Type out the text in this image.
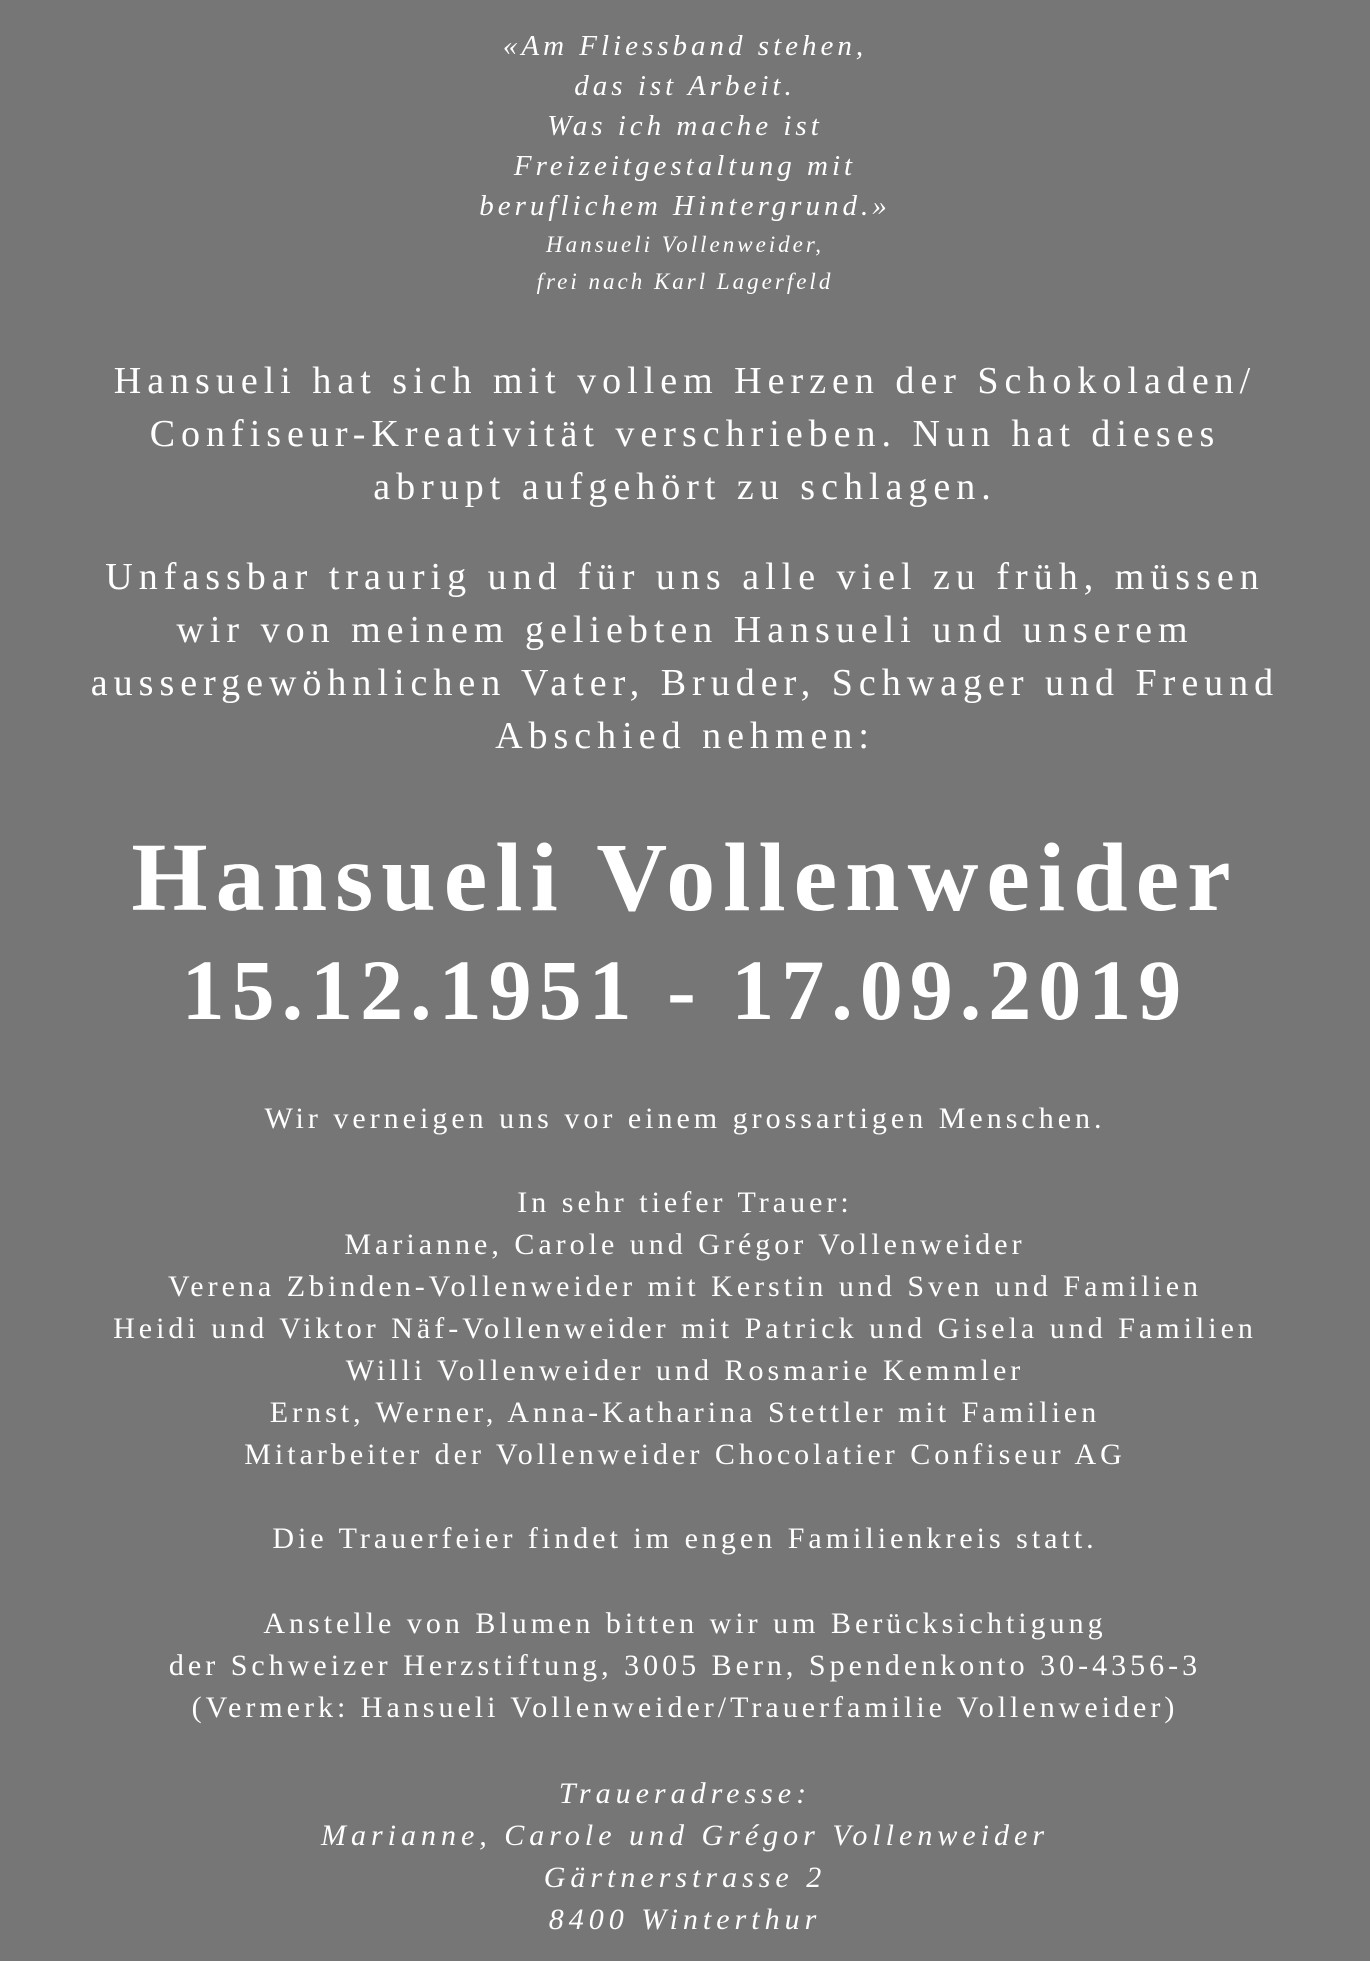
«Am Fliessband stehen,
das ist Arbeit.
Was ich mache ist
Freizeitgestaltung mit
beruflichem Hintergrund.»
Hansueli Vollenweider,
frei nach Karl Lagerfeld
Hansueli hat sich mit vollem Herzen der Schokoladen/
Confiseur-Kreativität verschrieben. Nun hat dieses
abrupt aufgehört zu schlagen.
Unfassbar traurig und für uns alle viel zu früh, müssen
wir von meinem geliebten Hansueli und unserem
aussergewöhnlichen Vater, Bruder, Schwager und Freund
Abschied nehmen:
Hansueli Vollenweider
15.12.1951 - 17.09.2019
Wir verneigen uns vor einem grossartigen Menschen.
In sehr tiefer Trauer:
Marianne, Carole und Grégor Vollenweider
Verena Zbinden-Vollenweider mit Kerstin und Sven und Familien
Heidi und Viktor Näf-Vollenweider mit Patrick und Gisela und Familien
Willi Vollenweider und Rosmarie Kemmler
Ernst, Werner, Anna-Katharina Stettler mit Familien
Mitarbeiter der Vollenweider Chocolatier Confiseur AG
Die Trauerfeier findet im engen Familienkreis statt.
Anstelle von Blumen bitten wir um Berücksichtigung
der Schweizer Herzstiftung, 3005 Bern, Spendenkonto 30-4356-3
(Vermerk: Hansueli Vollenweider/Trauerfamilie Vollenweider)
Traueradresse:
Marianne, Carole und Grégor Vollenweider
Gärtnerstrasse 2
8400 Winterthur
